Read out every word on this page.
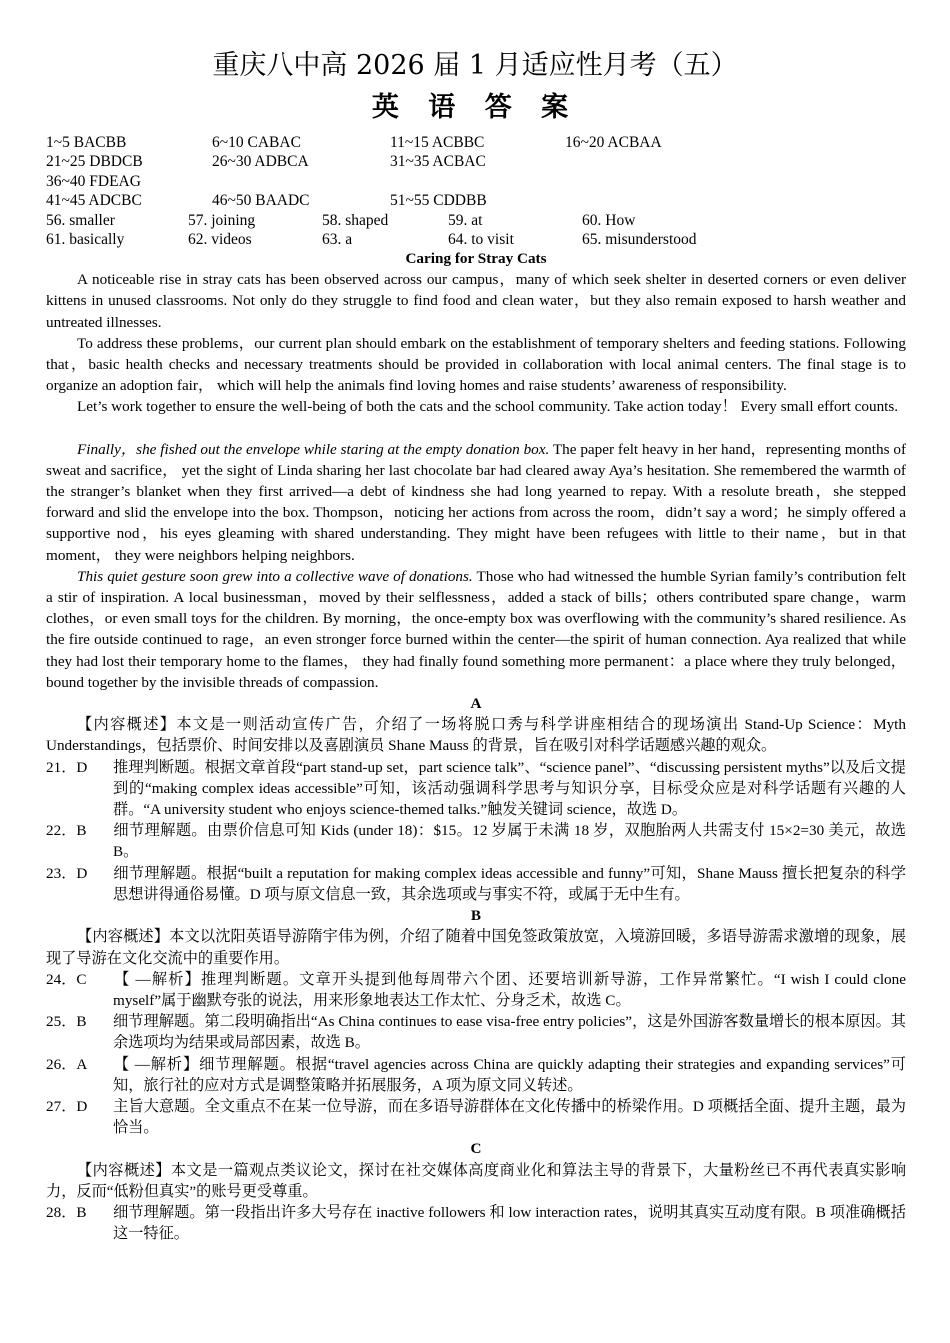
重庆八中高 2026 届 1 月适应性月考（五）
英 语 答 案
1~5 BACBB	6~10 CABAC	11~15 ACBBC	16~20 ACBAA
21~25 DBDCB	26~30 ADBCA	31~35 ACBAC
36~40 FDEAG
41~45 ADCBC	46~50 BAADC	51~55 CDDBB
56. smaller	57. joining	58. shaped	59. at	60. How
61. basically	62. videos	63. a	64. to visit	65. misunderstood

Caring for Stray Cats

A noticeable rise in stray cats has been observed across our campus，many of which seek shelter in deserted corners or even deliver kittens in unused classrooms. Not only do they struggle to find food and clean water，but they also remain exposed to harsh weather and untreated illnesses.

To address these problems，our current plan should embark on the establishment of temporary shelters and feeding stations. Following that，basic health checks and necessary treatments should be provided in collaboration with local animal centers. The final stage is to organize an adoption fair， which will help the animals find loving homes and raise students’ awareness of responsibility.

Let’s work together to ensure the well-being of both the cats and the school community. Take action today！ Every small effort counts.

Finally，she fished out the envelope while staring at the empty donation box. The paper felt heavy in her hand，representing months of sweat and sacrifice， yet the sight of Linda sharing her last chocolate bar had cleared away Aya’s hesitation. She remembered the warmth of the stranger’s blanket when they first arrived—a debt of kindness she had long yearned to repay. With a resolute breath，she stepped forward and slid the envelope into the box. Thompson，noticing her actions from across the room，didn’t say a word；he simply offered a supportive nod，his eyes gleaming with shared understanding. They might have been refugees with little to their name，but in that moment， they were neighbors helping neighbors.

This quiet gesture soon grew into a collective wave of donations. Those who had witnessed the humble Syrian family’s contribution felt a stir of inspiration. A local businessman，moved by their selflessness，added a stack of bills；others contributed spare change，warm clothes，or even small toys for the children. By morning，the once-empty box was overflowing with the community’s shared resilience. As the fire outside continued to rage，an even stronger force burned within the center—the spirit of human connection. Aya realized that while they had lost their temporary home to the flames， they had finally found something more permanent：a place where they truly belonged，bound together by the invisible threads of compassion.

A

【内容概述】本文是一则活动宣传广告，介绍了一场将脱口秀与科学讲座相结合的现场演出 Stand-Up Science：Myth Understandings，包括票价、时间安排以及喜剧演员 Shane Mauss 的背景，旨在吸引对科学话题感兴趣的观众。

21．D 推理判断题。根据文章首段“part stand-up set，part science talk”、“science panel”、“discussing persistent myths”以及后文提到的“making complex ideas accessible”可知，该活动强调科学思考与知识分享，目标受众应是对科学话题有兴趣的人群。“A university student who enjoys science-themed talks.”触发关键词 science，故选 D。

22．B 细节理解题。由票价信息可知 Kids (under 18)：$15。12 岁属于未满 18 岁，双胞胎两人共需支付 15×2=30 美元，故选 B。

23．D 细节理解题。根据“built a reputation for making complex ideas accessible and funny”可知，Shane Mauss 擅长把复杂的科学思想讲得通俗易懂。D 项与原文信息一致，其余选项或与事实不符，或属于无中生有。

B

【内容概述】本文以沈阳英语导游隋宇伟为例，介绍了随着中国免签政策放宽，入境游回暖，多语导游需求激增的现象，展现了导游在文化交流中的重要作用。

24．C 【 —解析】推理判断题。文章开头提到他每周带六个团、还要培训新导游，工作异常繁忙。“I wish I could clone myself”属于幽默夸张的说法，用来形象地表达工作太忙、分身乏术，故选 C。

25．B 细节理解题。第二段明确指出“As China continues to ease visa-free entry policies”，这是外国游客数量增长的根本原因。其余选项均为结果或局部因素，故选 B。

26．A 【 —解析】细节理解题。根据“travel agencies across China are quickly adapting their strategies and expanding services”可知，旅行社的应对方式是调整策略并拓展服务，A 项为原文同义转述。

27．D 主旨大意题。全文重点不在某一位导游，而在多语导游群体在文化传播中的桥梁作用。D 项概括全面、提升主题，最为恰当。

C

【内容概述】本文是一篇观点类议论文，探讨在社交媒体高度商业化和算法主导的背景下，大量粉丝已不再代表真实影响力，反而“低粉但真实”的账号更受尊重。

28．B 细节理解题。第一段指出许多大号存在 inactive followers 和 low interaction rates，说明其真实互动度有限。B 项准确概括这一特征。
